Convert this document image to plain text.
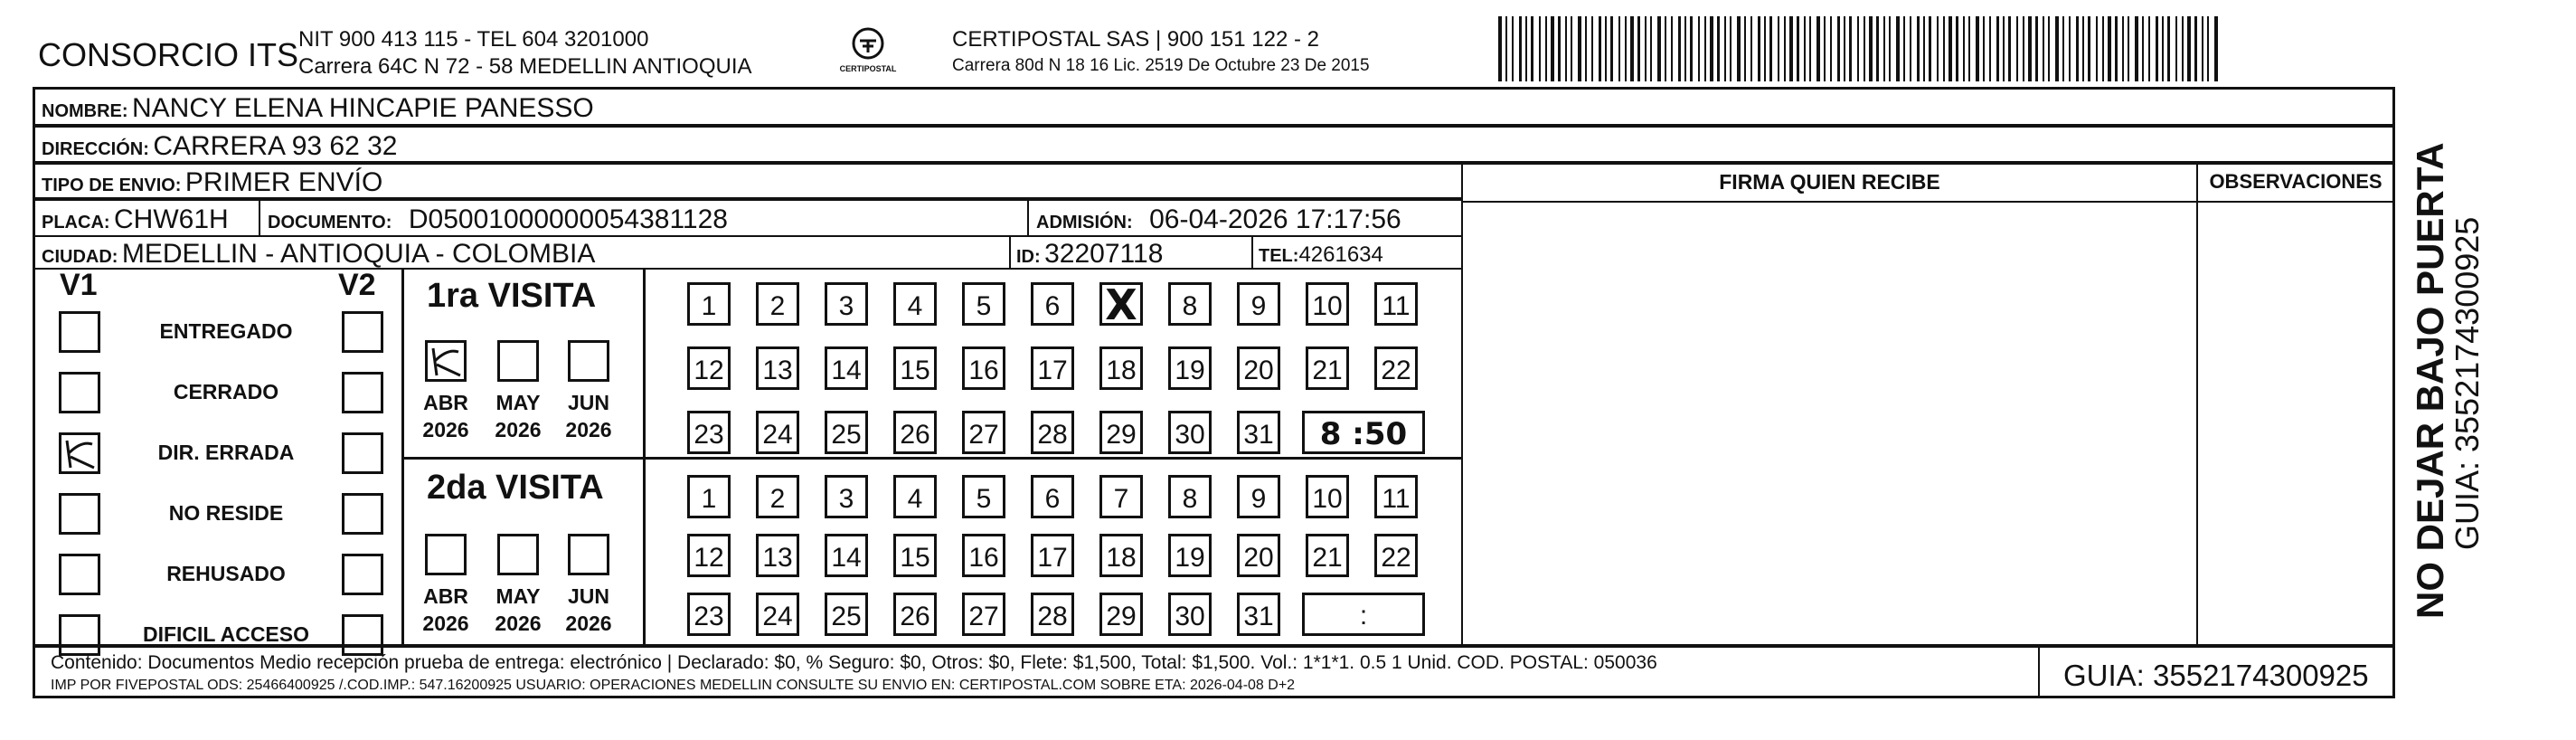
CONSORCIO ITS NIT 900 413 115 - TEL 604 3201000
Carrera 64C N 72 - 58 MEDELLIN ANTIOQUIA	CERTIPOSTAL
CERTIPOSTAL SAS | 900 151 122 - 2
Carrera 80d N 18 16 Lic. 2519 De Octubre 23 De 2015
NOMBRE: NANCY ELENA HINCAPIE PANESSO
DIRECCIÓN: CARRERA 93 62 32
TIPO DE ENVIO: PRIMER ENVÍO	FIRMA QUIEN RECIBE	OBSERVACIONES
PLACA: CHW61H DOCUMENTO: D05001000000054381128	ADMISIÓN: 06-04-2026 17:17:56
CIUDAD: MEDELLIN - ANTIOQUIA - COLOMBIA	ID: 32207118	TEL:4261634
V1	V2
ENTREGADO
CERRADO
DIR. ERRADA
NO RESIDE
REHUSADO
DIFICIL ACCESO
1ra VISITA
2da VISITA
ABR
2026
MAY
2026
JUN
2026
ABR
2026
MAY
2026
JUN
2026
1	2	3	4	5	6	X	8	9	10 11
12 13 14 15 16 17 18 19 20 21 22
23 24 25 26 27 28 29 30 31	8 :50
1	2	3	4	5	6	7	8	9	10 11
12 13 14 15 16 17 18 19 20 21 22
23 24 25 26 27 28 29 30 31	:
Contenido: Documentos Medio recepción prueba de entrega: electrónico | Declarado: $0, % Seguro: $0, Otros: $0, Flete: $1,500, Total: $1,500. Vol.: 1*1*1. 0.5 1 Unid. COD. POSTAL: 050036
IMP POR FIVEPOSTAL ODS: 25466400925 /.COD.IMP.: 547.16200925 USUARIO: OPERACIONES MEDELLIN CONSULTE SU ENVIO EN: CERTIPOSTAL.COM SOBRE ETA: 2026-04-08 D+2	GUIA: 3552174300925
NO DEJAR BAJO PUERTA
GUIA: 3552174300925
